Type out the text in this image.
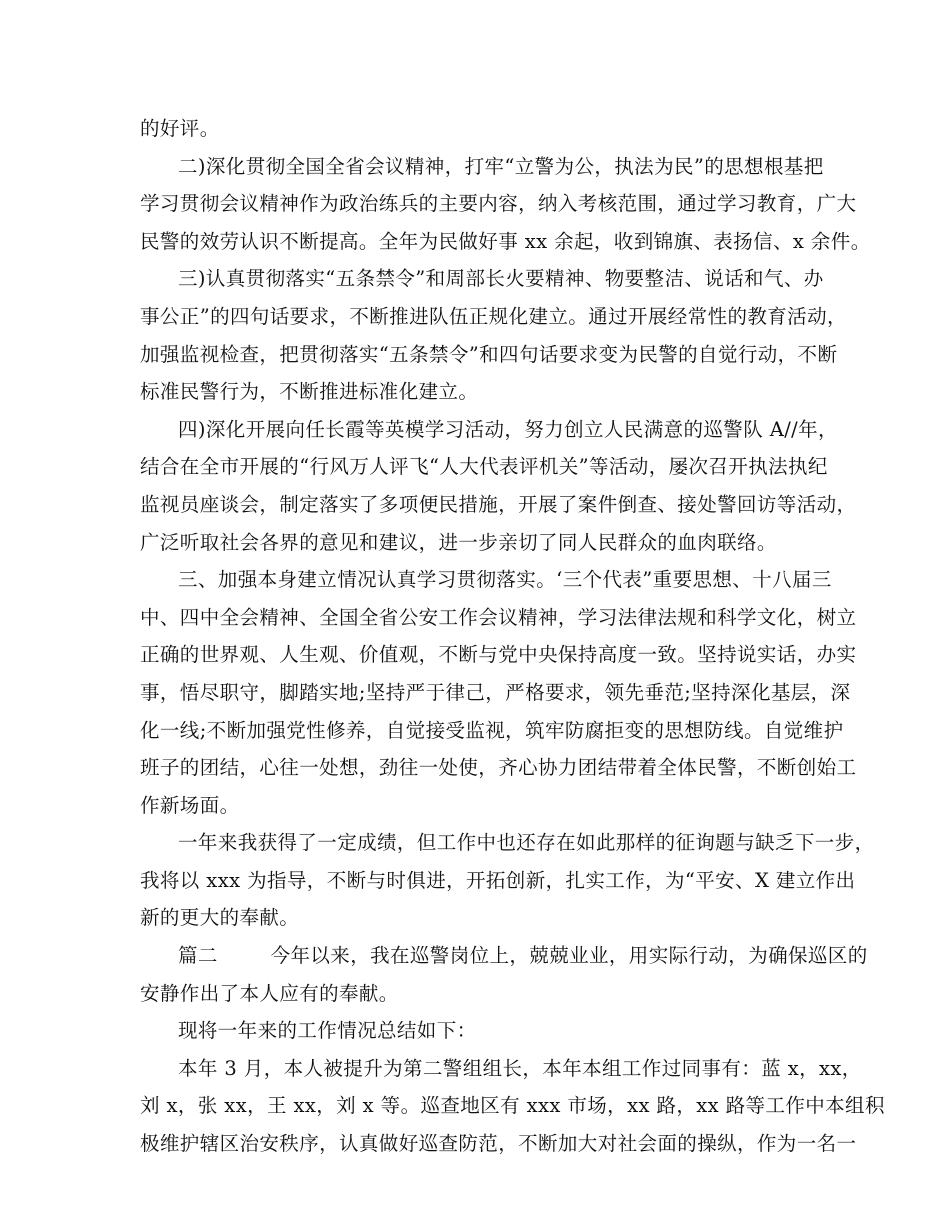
的好评。

二)深化贯彻全国全省会议精神，打牢“立警为公，执法为民”的思想根基把
学习贯彻会议精神作为政治练兵的主要内容，纳入考核范围，通过学习教育，广大
民警的效劳认识不断提高。全年为民做好事 xx 余起，收到锦旗、表扬信、x 余件。

三)认真贯彻落实“五条禁令”和周部长火要精神、物要整洁、说话和气、办
事公正”的四句话要求，不断推进队伍正规化建立。通过开展经常性的教育活动，
加强监视检查，把贯彻落实“五条禁令”和四句话要求变为民警的自觉行动，不断
标准民警行为，不断推进标准化建立。

四)深化开展向任长霞等英模学习活动，努力创立人民满意的巡警队 A//年，
结合在全市开展的“行风万人评飞“人大代表评机关”等活动，屡次召开执法执纪
监视员座谈会，制定落实了多项便民措施，开展了案件倒查、接处警回访等活动，
广泛听取社会各界的意见和建议，进一步亲切了同人民群众的血肉联络。

三、加强本身建立情况认真学习贯彻落实。‘三个代表”重要思想、十八届三
中、四中全会精神、全国全省公安工作会议精神，学习法律法规和科学文化，树立
正确的世界观、人生观、价值观，不断与党中央保持高度一致。坚持说实话，办实
事，悟尽职守，脚踏实地;坚持严于律己，严格要求，领先垂范;坚持深化基层，深
化一线;不断加强党性修养，自觉接受监视，筑牢防腐拒变的思想防线。自觉维护
班子的团结，心往一处想，劲往一处使，齐心协力团结带着全体民警，不断创始工
作新场面。

一年来我获得了一定成绩，但工作中也还存在如此那样的征询题与缺乏下一步，
我将以 xxx 为指导，不断与时俱进，开拓创新，扎实工作，为“平安、X 建立作出
新的更大的奉献。

篇二        今年以来，我在巡警岗位上，兢兢业业，用实际行动，为确保巡区的
安静作出了本人应有的奉献。

现将一年来的工作情况总结如下：

本年 3 月，本人被提升为第二警组组长，本年本组工作过同事有：蓝 x，xx，
刘 x，张 xx，王 xx，刘 x 等。巡查地区有 xxx 市场，xx 路，xx 路等工作中本组积
极维护辖区治安秩序，认真做好巡查防范，不断加大对社会面的操纵，作为一名一
